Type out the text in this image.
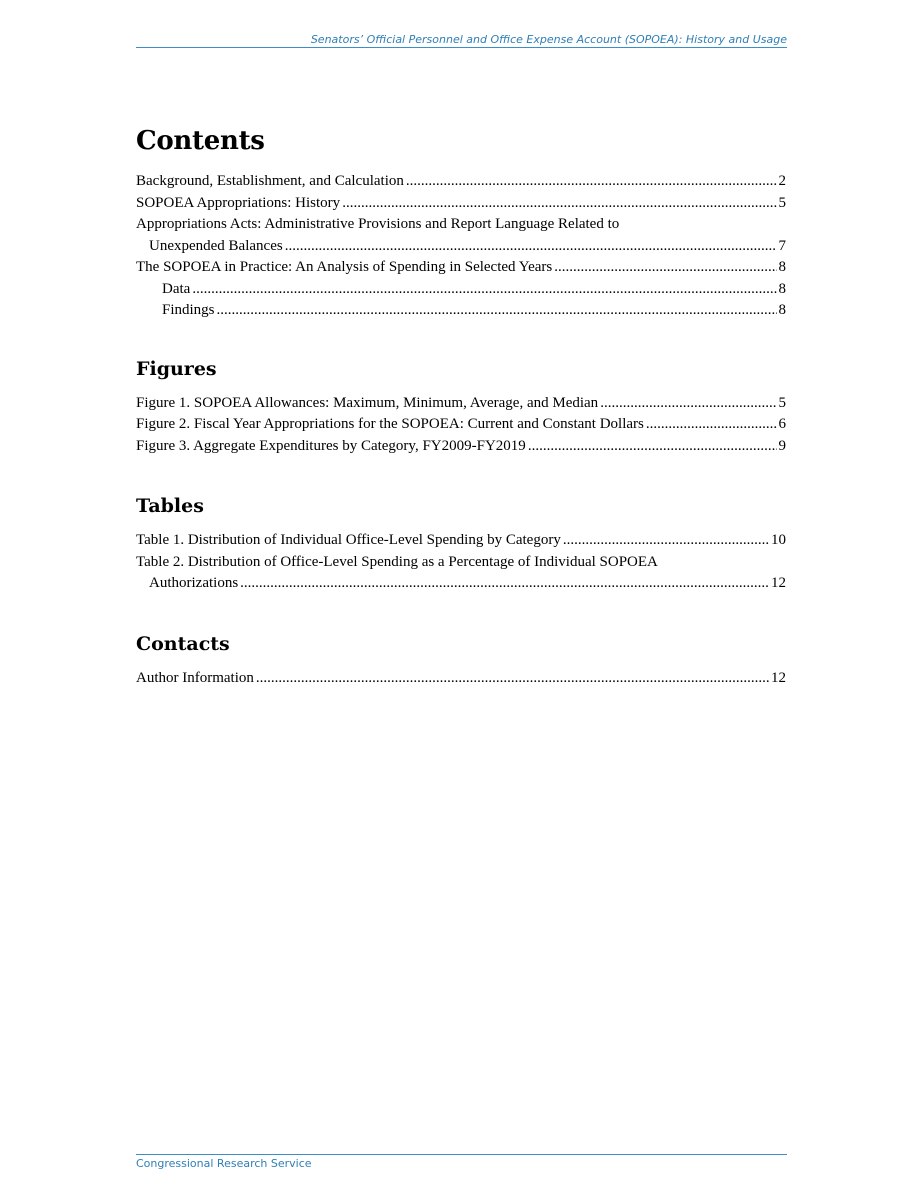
Senators’ Official Personnel and Office Expense Account (SOPOEA): History and Usage
Contents
Background, Establishment, and Calculation .....	2
SOPOEA Appropriations: History .....	5
Appropriations Acts: Administrative Provisions and Report Language Related to
Unexpended Balances .....	7
The SOPOEA in Practice: An Analysis of Spending in Selected Years .....	8
Data .....	8
Findings .....	8
Figures
Figure 1. SOPOEA Allowances: Maximum, Minimum, Average, and Median .....	5
Figure 2. Fiscal Year Appropriations for the SOPOEA: Current and Constant Dollars .....	6
Figure 3. Aggregate Expenditures by Category, FY2009-FY2019 .....	9
Tables
Table 1. Distribution of Individual Office-Level Spending by Category .....	10
Table 2. Distribution of Office-Level Spending as a Percentage of Individual SOPOEA
Authorizations .....	12
Contacts
Author Information .....	12
Congressional Research Service
